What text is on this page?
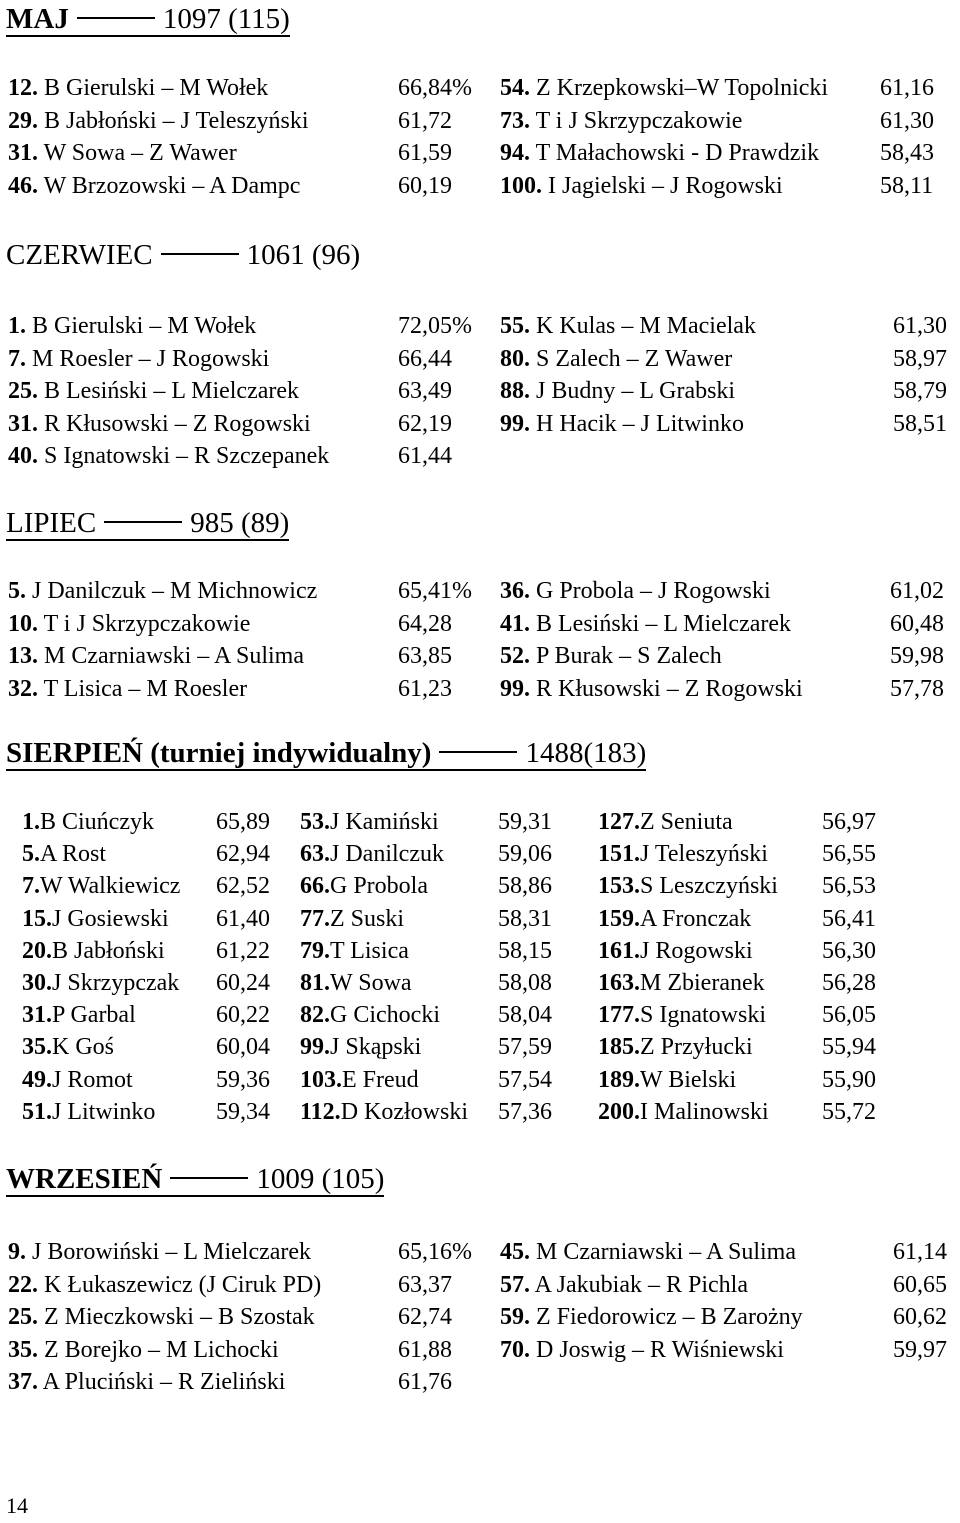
MAJ	1097 (115)
12. B Gierulski – M Wołek	66,84% 54. Z Krzepkowski–W Topolnicki 61,16
29. B Jabłoński – J Teleszyński	61,72 73. T i J Skrzypczakowie	61,30
31. W Sowa – Z Wawer	61,59 94. T Małachowski - D Prawdzik	58,43
46. W Brzozowski – A Dampc	60,19 100. I Jagielski – J Rogowski	58,11
CZERWIEC	1061 (96)
1. B Gierulski – M Wołek	72,05% 55. K Kulas – M Macielak	61,30
7. M Roesler – J Rogowski	66,44 80. S Zalech – Z Wawer	58,97
25. B Lesiński – L Mielczarek	63,49 88. J Budny – L Grabski	58,79
31. R Kłusowski – Z Rogowski	62,19 99. H Hacik – J Litwinko	58,51
40. S Ignatowski – R Szczepanek	61,44
LIPIEC	985 (89)
5. J Danilczuk – M Michnowicz	65,41% 36. G Probola – J Rogowski	61,02
10. T i J Skrzypczakowie	64,28 41. B Lesiński – L Mielczarek	60,48
13. M Czarniawski – A Sulima	63,85 52. P Burak – S Zalech	59,98
32. T Lisica – M Roesler	61,23 99. R Kłusowski – Z Rogowski	57,78
SIERPIEŃ (turniej indywidualny)	1488(183)
1.B Ciuńczyk	65,89 53.J Kamiński 59,31 127.Z Seniuta	56,97
5.A Rost	62,94 63.J Danilczuk 59,06 151.J Teleszyński 56,55
7.W Walkiewicz 62,52 66.G Probola	58,86 153.S Leszczyński 56,53
15.J Gosiewski 61,40 77.Z Suski	58,31 159.A Fronczak	56,41
20.B Jabłoński 61,22 79.T Lisica	58,15 161.J Rogowski	56,30
30.J Skrzypczak 60,24 81.W Sowa	58,08 163.M Zbieranek 56,28
31.P Garbal	60,22 82.G Cichocki 58,04 177.S Ignatowski 56,05
35.K Goś	60,04 99.J Skąpski	57,59 185.Z Przyłucki	55,94
49.J Romot	59,36 103.E Freud	57,54 189.W Bielski	55,90
51.J Litwinko	59,34 112.D Kozłowski 57,36 200.I Malinowski 55,72
WRZESIEŃ	1009 (105)
9. J Borowiński – L Mielczarek	65,16% 45. M Czarniawski – A Sulima	61,14
22. K Łukaszewicz (J Ciruk PD)	63,37 57. A Jakubiak – R Pichla	60,65
25. Z Mieczkowski – B Szostak	62,74 59. Z Fiedorowicz – B Zarożny	60,62
35. Z Borejko – M Lichocki	61,88 70. D Joswig – R Wiśniewski	59,97
37. A Pluciński – R Zieliński	61,76
14
